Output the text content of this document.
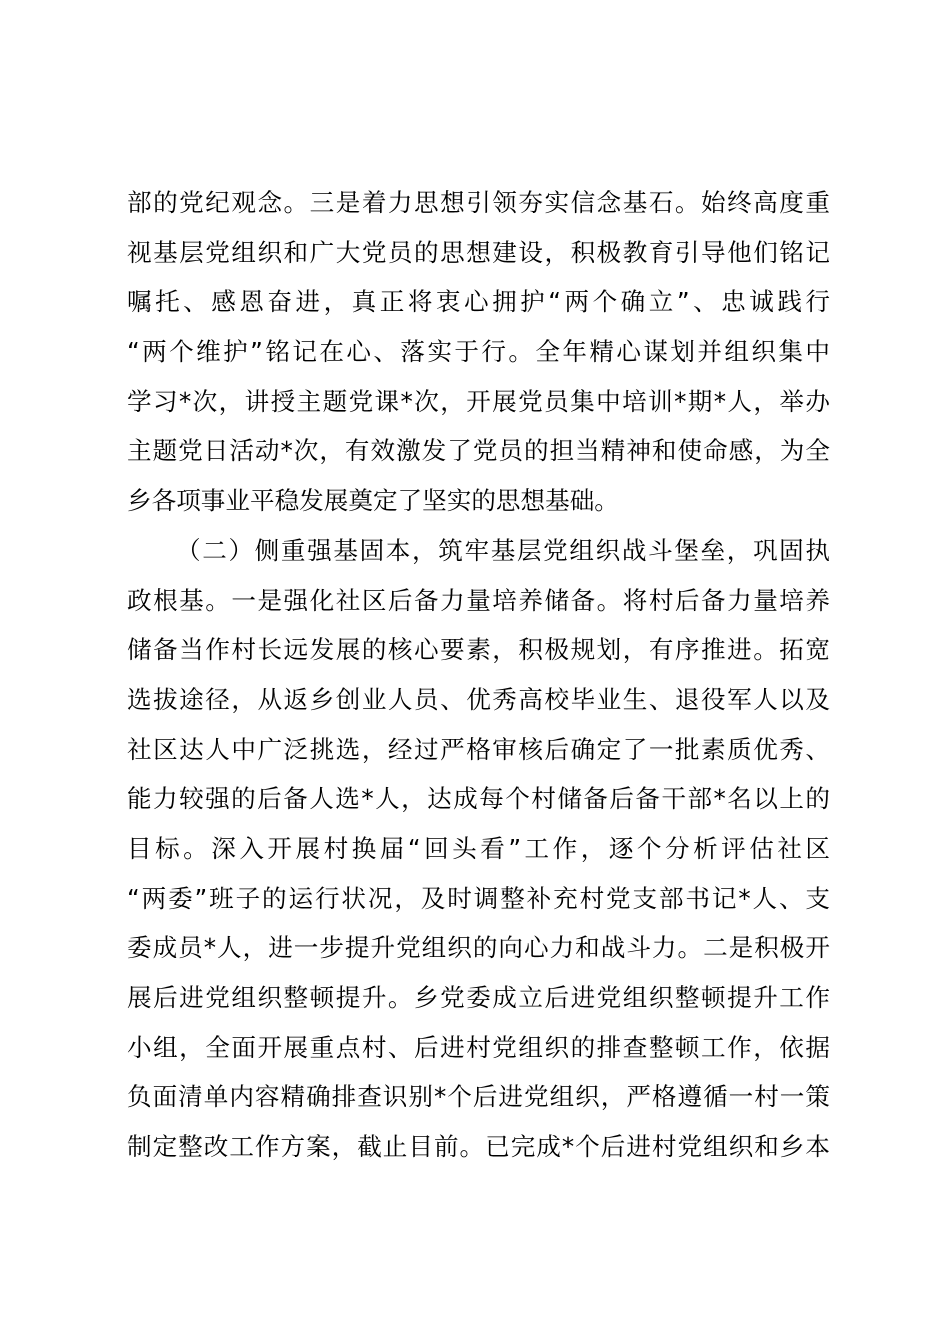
部的党纪观念。三是着力思想引领夯实信念基石。始终高度重
视基层党组织和广大党员的思想建设，积极教育引导他们铭记
嘱托、感恩奋进，真正将衷心拥护“两个确立”、忠诚践行
“两个维护”铭记在心、落实于行。全年精心谋划并组织集中
学习*次，讲授主题党课*次，开展党员集中培训*期*人，举办
主题党日活动*次，有效激发了党员的担当精神和使命感，为全
乡各项事业平稳发展奠定了坚实的思想基础。
（二）侧重强基固本，筑牢基层党组织战斗堡垒，巩固执
政根基。一是强化社区后备力量培养储备。将村后备力量培养
储备当作村长远发展的核心要素，积极规划，有序推进。拓宽
选拔途径，从返乡创业人员、优秀高校毕业生、退役军人以及
社区达人中广泛挑选，经过严格审核后确定了一批素质优秀、
能力较强的后备人选*人，达成每个村储备后备干部*名以上的
目标。深入开展村换届“回头看”工作，逐个分析评估社区
“两委”班子的运行状况，及时调整补充村党支部书记*人、支
委成员*人，进一步提升党组织的向心力和战斗力。二是积极开
展后进党组织整顿提升。乡党委成立后进党组织整顿提升工作
小组，全面开展重点村、后进村党组织的排查整顿工作，依据
负面清单内容精确排查识别*个后进党组织，严格遵循一村一策
制定整改工作方案，截止目前。已完成*个后进村党组织和乡本
